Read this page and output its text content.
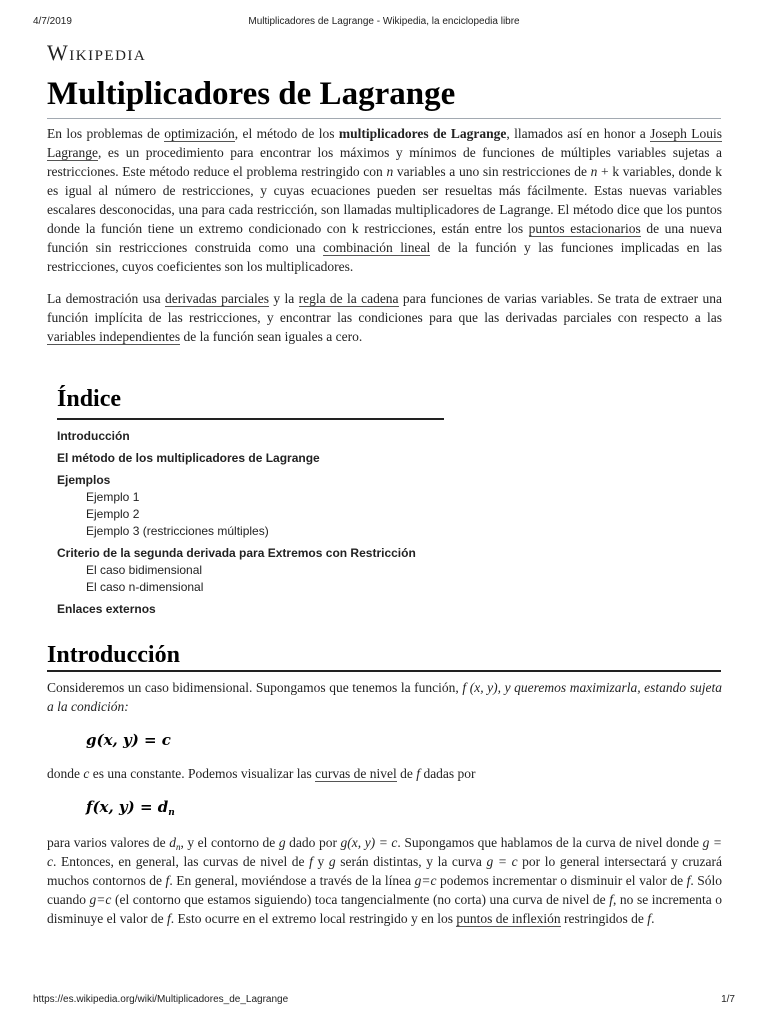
4/7/2019	Multiplicadores de Lagrange - Wikipedia, la enciclopedia libre
Wikipedia
Multiplicadores de Lagrange

En los problemas de optimización, el método de los multiplicadores de Lagrange, llamados así en honor a Joseph Louis Lagrange, es un procedimiento para encontrar los máximos y mínimos de funciones de múltiples variables sujetas a restricciones. Este método reduce el problema restringido con n variables a uno sin restricciones de n + k variables, donde k es igual al número de restricciones, y cuyas ecuaciones pueden ser resueltas más fácilmente. Estas nuevas variables escalares desconocidas, una para cada restricción, son llamadas multiplicadores de Lagrange. El método dice que los puntos donde la función tiene un extremo condicionado con k restricciones, están entre los puntos estacionarios de una nueva función sin restricciones construida como una combinación lineal de la función y las funciones implicadas en las restricciones, cuyos coeficientes son los multiplicadores.

La demostración usa derivadas parciales y la regla de la cadena para funciones de varias variables. Se trata de extraer una función implícita de las restricciones, y encontrar las condiciones para que las derivadas parciales con respecto a las variables independientes de la función sean iguales a cero.

Índice
Introducción
El método de los multiplicadores de Lagrange
Ejemplos
Ejemplo 1
Ejemplo 2
Ejemplo 3 (restricciones múltiples)
Criterio de la segunda derivada para Extremos con Restricción
El caso bidimensional
El caso n-dimensional
Enlaces externos
Introducción

Consideremos un caso bidimensional. Supongamos que tenemos la función, f (x, y), y queremos maximizarla, estando sujeta a la condición:

g(x, y) = c

donde c es una constante. Podemos visualizar las curvas de nivel de f dadas por

f(x, $y) = d_n$

para varios valores de $d_n$, y el contorno de g dado por g(x, y) = c. Supongamos que hablamos de la curva de nivel donde g = c. Entonces, en general, las curvas de nivel de f y g serán distintas, y la curva g = c por lo general intersectará y cruzará muchos contornos de f. En general, moviéndose a través de la línea g=c podemos incrementar o disminuir el valor de f. Sólo cuando g=c (el contorno que estamos siguiendo) toca tangencialmente (no corta) una curva de nivel de f, no se incrementa o disminuye el valor de f. Esto ocurre en el extremo local restringido y en los puntos de inflexión restringidos de f.

https://es.wikipedia.org/wiki/Multiplicadores_de_Lagrange	1/7
